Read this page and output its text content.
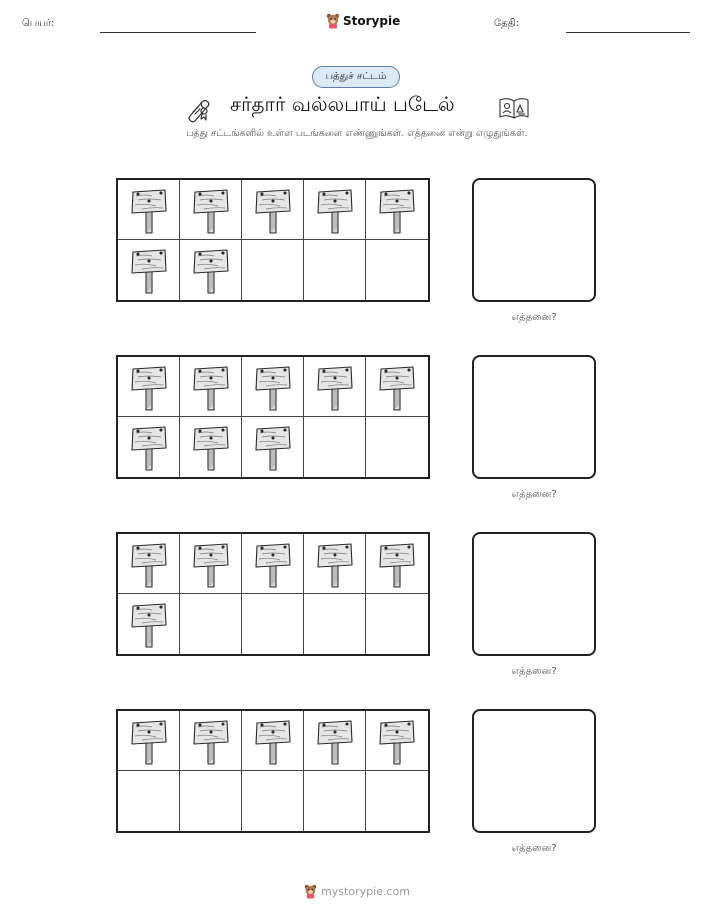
பெயர்:	Storypie	தேதி:
பத்துச் சட்டம்
சர்தார் வல்லபாய் படேல்
பத்து சட்டங்களில் உள்ள படங்களை எண்ணுங்கள். எத்தனை என்று எழுதுங்கள்.
எத்தனை?
எத்தனை?
எத்தனை?
எத்தனை?
mystorypie.com
